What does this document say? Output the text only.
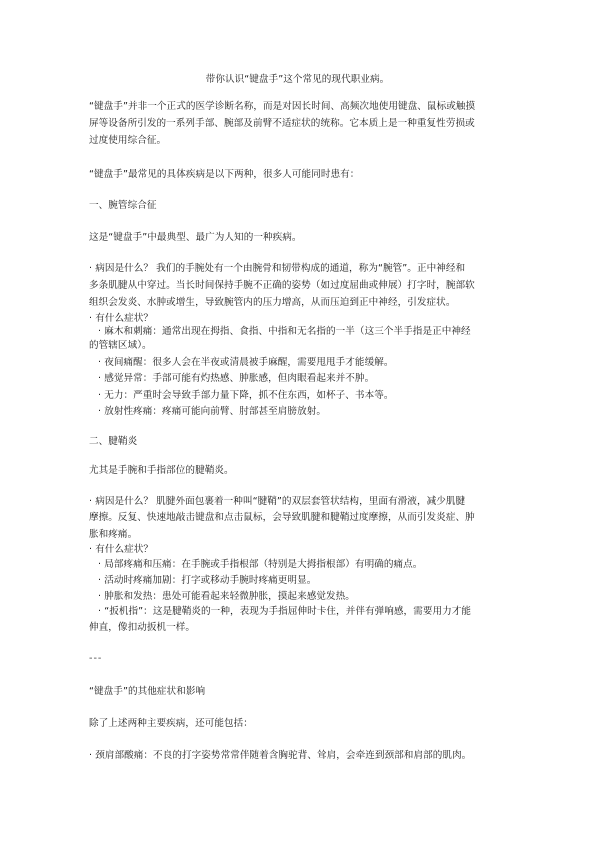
带你认识“键盘手”这个常见的现代职业病。
“键盘手”并非一个正式的医学诊断名称，而是对因长时间、高频次地使用键盘、鼠标或触摸
屏等设备所引发的一系列手部、腕部及前臂不适症状的统称。它本质上是一种重复性劳损或
过度使用综合征。
“键盘手”最常见的具体疾病是以下两种，很多人可能同时患有：
一、腕管综合征
这是“键盘手”中最典型、最广为人知的一种疾病。
· 病因是什么？ 我们的手腕处有一个由腕骨和韧带构成的通道，称为“腕管”。正中神经和
多条肌腱从中穿过。当长时间保持手腕不正确的姿势（如过度屈曲或伸展）打字时，腕部软
组织会发炎、水肿或增生，导致腕管内的压力增高，从而压迫到正中神经，引发症状。
· 有什么症状？
· 麻木和刺痛：通常出现在拇指、食指、中指和无名指的一半（这三个半手指是正中神经
的管辖区域）。
· 夜间痛醒：很多人会在半夜或清晨被手麻醒，需要甩甩手才能缓解。
· 感觉异常：手部可能有灼热感、肿胀感，但肉眼看起来并不肿。
· 无力：严重时会导致手部力量下降，抓不住东西，如杯子、书本等。
· 放射性疼痛：疼痛可能向前臂、肘部甚至肩膀放射。
二、腱鞘炎
尤其是手腕和手指部位的腱鞘炎。
· 病因是什么？ 肌腱外面包裹着一种叫“腱鞘”的双层套管状结构，里面有滑液，减少肌腱
摩擦。反复、快速地敲击键盘和点击鼠标，会导致肌腱和腱鞘过度摩擦，从而引发炎症、肿
胀和疼痛。
· 有什么症状？
· 局部疼痛和压痛：在手腕或手指根部（特别是大拇指根部）有明确的痛点。
· 活动时疼痛加剧：打字或移动手腕时疼痛更明显。
· 肿胀和发热：患处可能看起来轻微肿胀，摸起来感觉发热。
· “扳机指”：这是腱鞘炎的一种，表现为手指屈伸时卡住，并伴有弹响感，需要用力才能
伸直，像扣动扳机一样。
---
“键盘手”的其他症状和影响
除了上述两种主要疾病，还可能包括：
· 颈肩部酸痛：不良的打字姿势常常伴随着含胸驼背、耸肩，会牵连到颈部和肩部的肌肉。
